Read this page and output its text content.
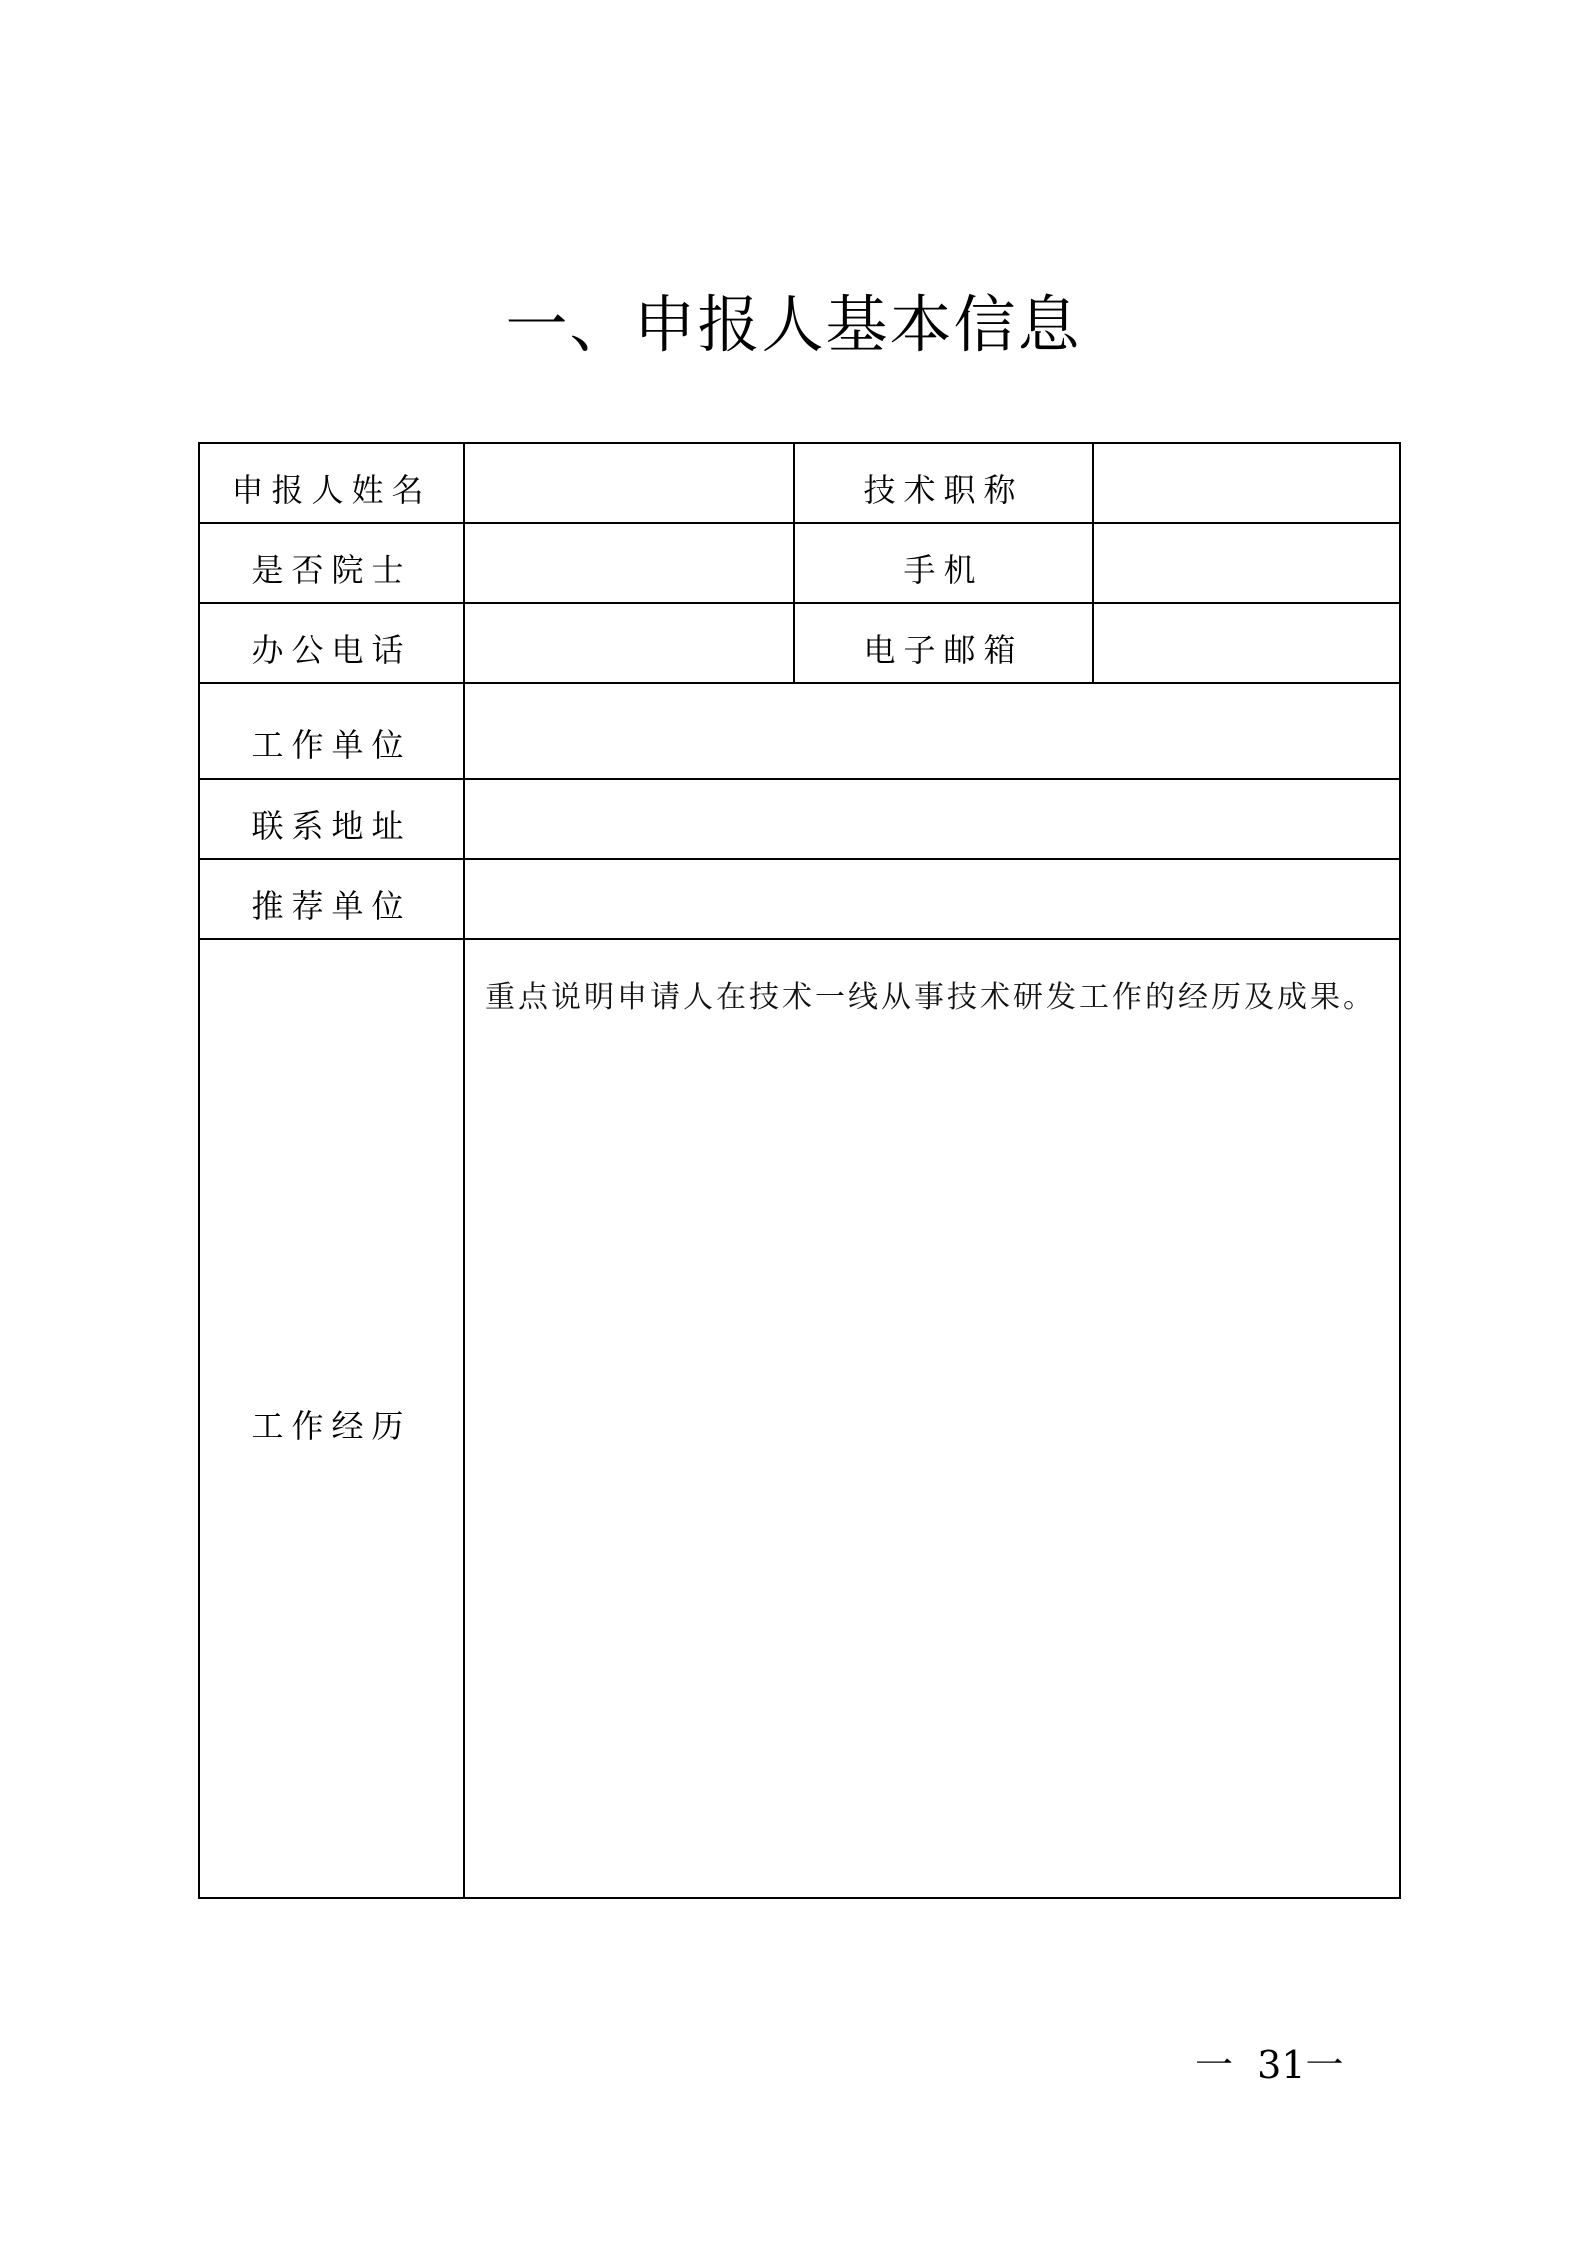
一、申报人基本信息
申报人姓名		技术职称	
是否院士		手机	
办公电话		电子邮箱	
工作单位			
联系地址			
推荐单位			
工作经历	重点说明申请人在技术一线从事技术研发工作的经历及成果。		
一  31一
